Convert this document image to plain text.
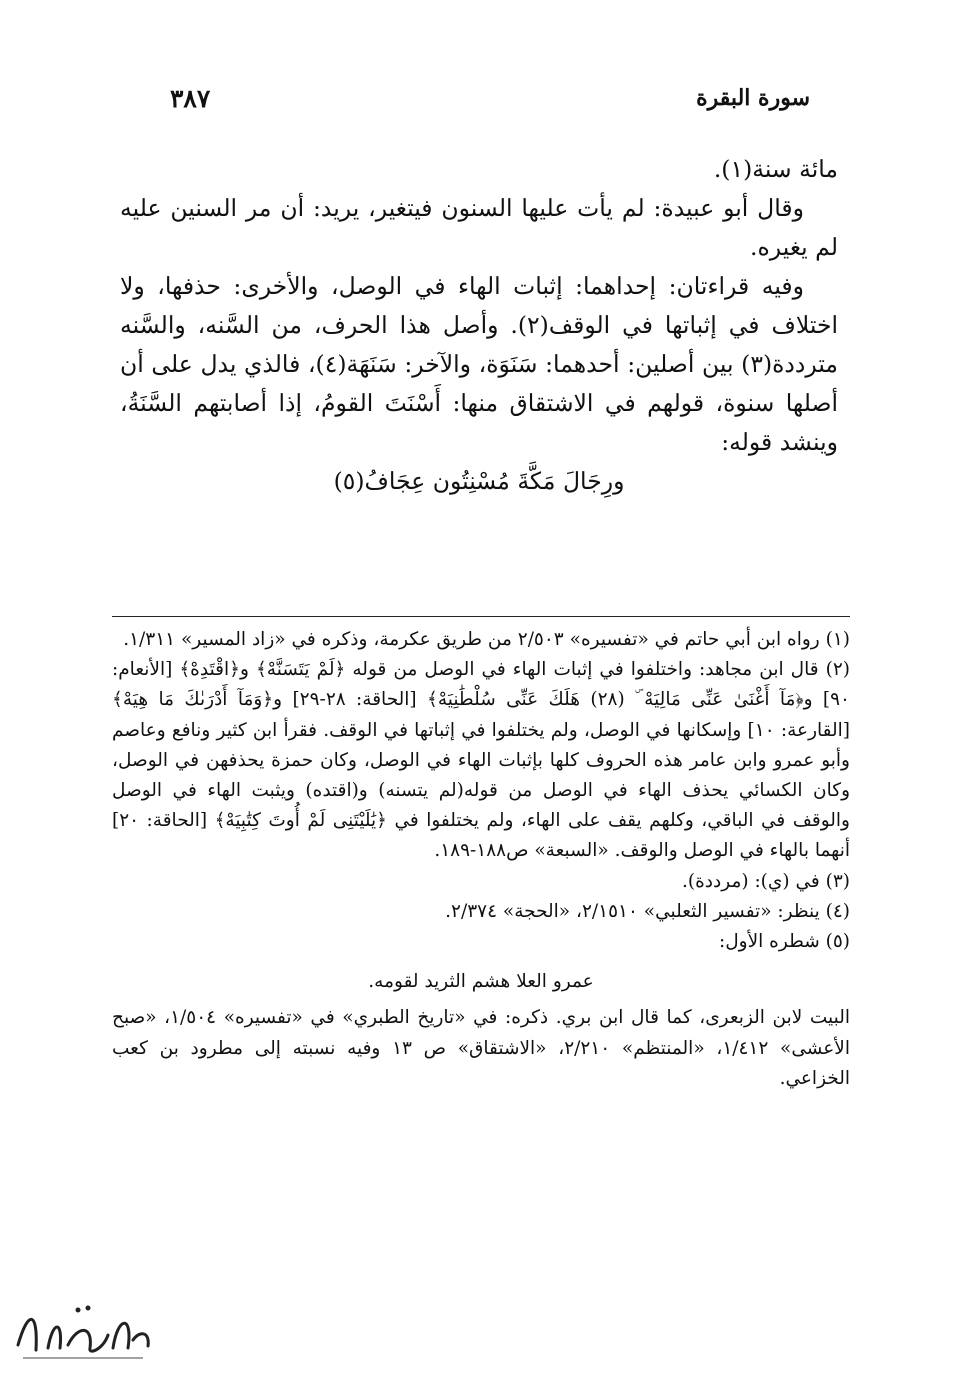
سورة البقرة
٣٨٧

مائة سنة(١).

وقال أبو عبيدة: لم يأت عليها السنون فيتغير، يريد: أن مر السنين عليه لم يغيره.

وفيه قراءتان: إحداهما: إثبات الهاء في الوصل، والأخرى: حذفها، ولا اختلاف في إثباتها في الوقف(٢). وأصل هذا الحرف، من السَّنه، والسَّنه مترددة(٣) بين أصلين: أحدهما: سَنَوَة، والآخر: سَنَهَة(٤)، فالذي يدل على أن أصلها سنوة، قولهم في الاشتقاق منها: أَسْنَتَ القومُ، إذا أصابتهم السَّنَةُ، وينشد قوله:

ورِجَالَ مَكَّةَ مُسْنِتُون عِجَافُ(٥)

(١) رواه ابن أبي حاتم في «تفسيره» ٢/٥٠٣ من طريق عكرمة، وذكره في «زاد المسير» ١/٣١١.

(٢) قال ابن مجاهد: واختلفوا في إثبات الهاء في الوصل من قوله ﴿لَمْ يَتَسَنَّهْ﴾ و﴿اقْتَدِهْ﴾ [الأنعام: ٩٠] و﴿مَآ أَغْنَىٰ عَنِّى مَالِيَهْ ۜ (٢٨) هَلَكَ عَنِّى سُلْطَٰنِيَهْ﴾ [الحاقة: ٢٨-٢٩] و﴿وَمَآ أَدْرَىٰكَ مَا هِيَهْ﴾ [القارعة: ١٠] وإسكانها في الوصل، ولم يختلفوا في إثباتها في الوقف. فقرأ ابن كثير ونافع وعاصم وأبو عمرو وابن عامر هذه الحروف كلها بإثبات الهاء في الوصل، وكان حمزة يحذفهن في الوصل، وكان الكسائي يحذف الهاء في الوصل من قوله(لم يتسنه) و(اقتده) ويثبت الهاء في الوصل والوقف في الباقي، وكلهم يقف على الهاء، ولم يختلفوا في ﴿يَٰلَيْتَنِى لَمْ أُوتَ كِتَٰبِيَهْ﴾ [الحاقة: ٢٠] أنهما بالهاء في الوصل والوقف. «السبعة» ص١٨٨-١٨٩.

(٣) في (ي): (مرددة).

(٤) ينظر: «تفسير الثعلبي» ٢/١٥١٠، «الحجة» ٢/٣٧٤.

(٥) شطره الأول:

عمرو العلا هشم الثريد لقومه.

البيت لابن الزبعرى، كما قال ابن بري. ذكره: في «تاريخ الطبري» في «تفسيره» ١/٥٠٤، «صبح الأعشى» ١/٤١٢، «المنتظم» ٢/٢١٠، «الاشتقاق» ص ١٣ وفيه نسبته إلى مطرود بن كعب الخزاعي.
